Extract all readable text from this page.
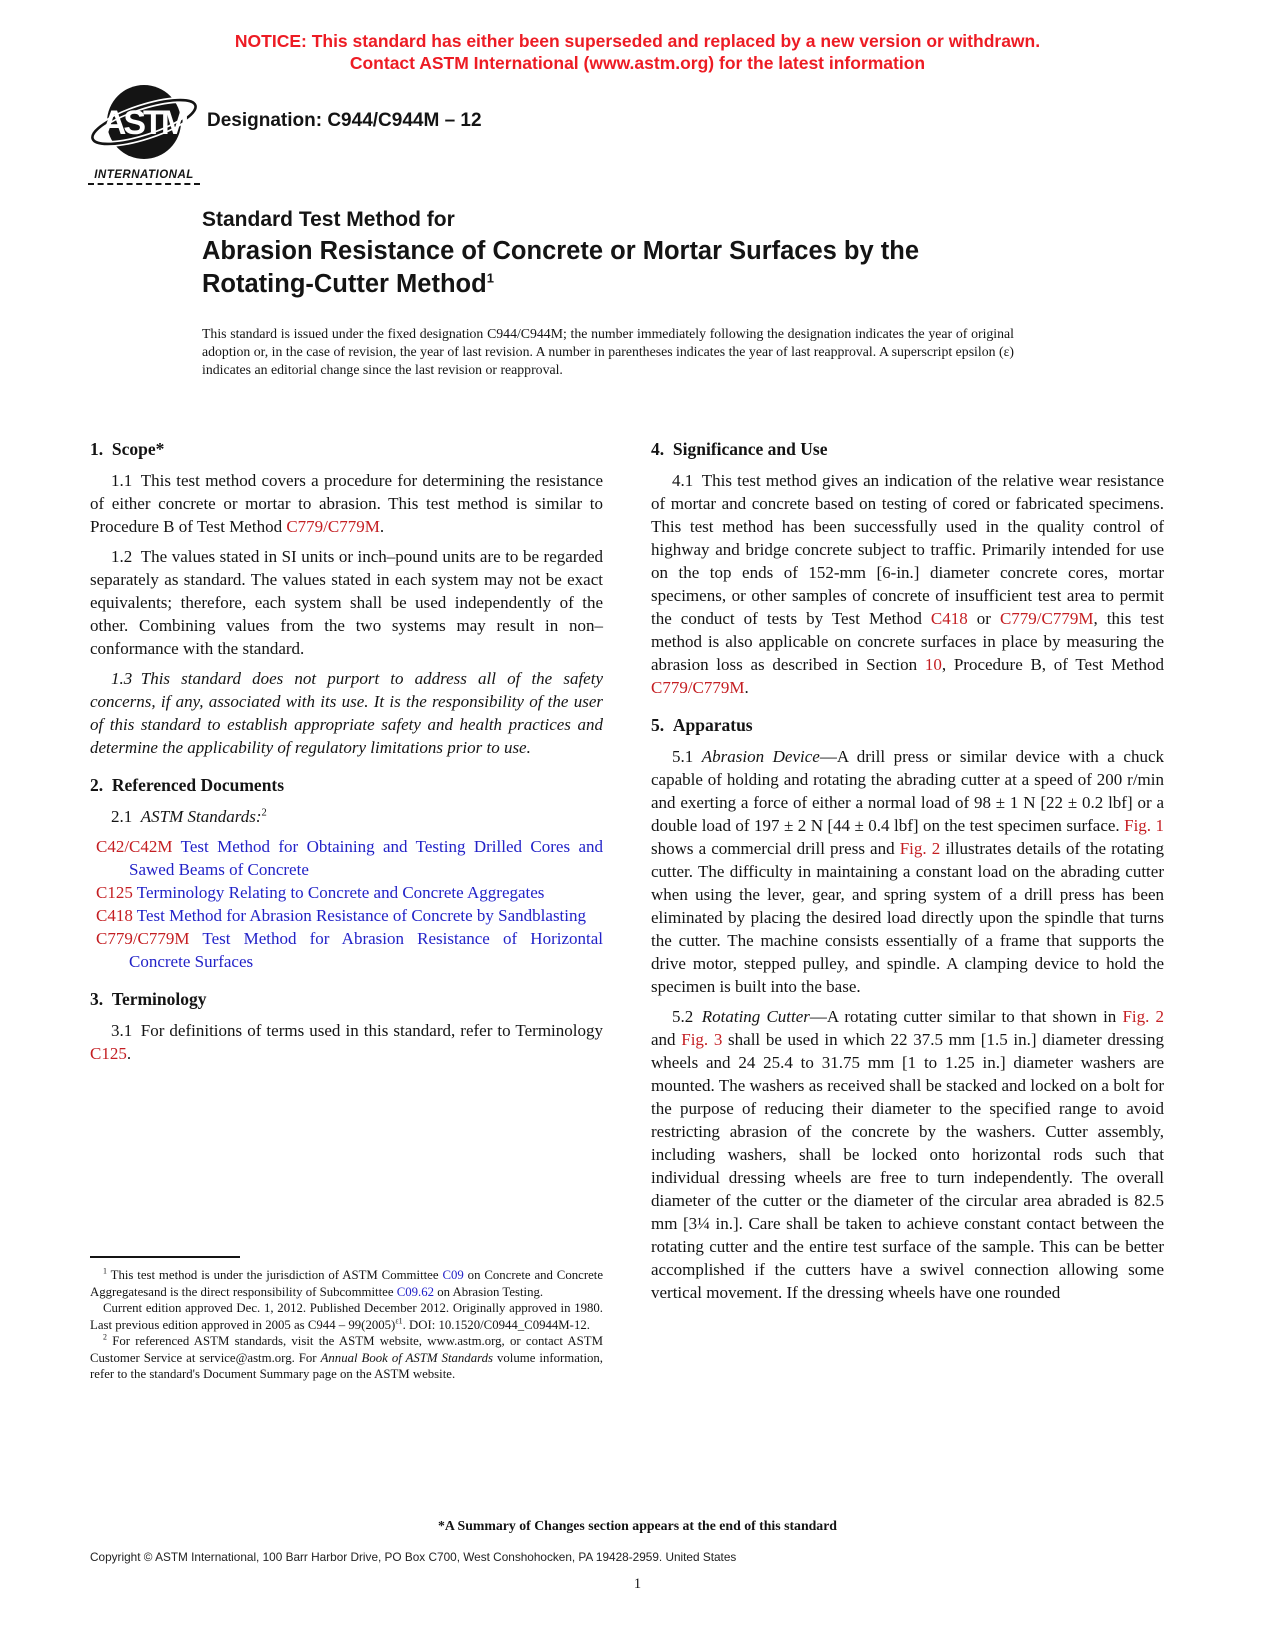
NOTICE: This standard has either been superseded and replaced by a new version or withdrawn.
Contact ASTM International (www.astm.org) for the latest information
ASTM
INTERNATIONAL
Designation: C944/C944M – 12
Standard Test Method for
Abrasion Resistance of Concrete or Mortar Surfaces by the
Rotating-Cutter Method$^1$
This standard is issued under the fixed designation C944/C944M; the number immediately following the designation indicates the year of original adoption or, in the case of revision, the year of last revision. A number in parentheses indicates the year of last reapproval. A superscript epsilon (ε) indicates an editorial change since the last revision or reapproval.
1. Scope*

1.1 This test method covers a procedure for determining the resistance of either concrete or mortar to abrasion. This test method is similar to Procedure B of Test Method C779/C779M.

1.2 The values stated in SI units or inch–pound units are to be regarded separately as standard. The values stated in each system may not be exact equivalents; therefore, each system shall be used independently of the other. Combining values from the two systems may result in non–conformance with the standard.

1.3 This standard does not purport to address all of the safety concerns, if any, associated with its use. It is the responsibility of the user of this standard to establish appropriate safety and health practices and determine the applicability of regulatory limitations prior to use.

2. Referenced Documents

2.1 ASTM Standards:$^2$

C42/C42M Test Method for Obtaining and Testing Drilled Cores and Sawed Beams of Concrete

C125 Terminology Relating to Concrete and Concrete Aggregates

C418 Test Method for Abrasion Resistance of Concrete by Sandblasting

C779/C779M Test Method for Abrasion Resistance of Horizontal Concrete Surfaces

3. Terminology

3.1 For definitions of terms used in this standard, refer to Terminology C125.

4. Significance and Use

4.1 This test method gives an indication of the relative wear resistance of mortar and concrete based on testing of cored or fabricated specimens. This test method has been successfully used in the quality control of highway and bridge concrete subject to traffic. Primarily intended for use on the top ends of 152-mm [6-in.] diameter concrete cores, mortar specimens, or other samples of concrete of insufficient test area to permit the conduct of tests by Test Method C418 or C779/C779M, this test method is also applicable on concrete surfaces in place by measuring the abrasion loss as described in Section 10, Procedure B, of Test Method C779/C779M.

5. Apparatus

5.1 Abrasion Device—A drill press or similar device with a chuck capable of holding and rotating the abrading cutter at a speed of 200 r/min and exerting a force of either a normal load of 98 ± 1 N [22 ± 0.2 lbf] or a double load of 197 ± 2 N [44 ± 0.4 lbf] on the test specimen surface. Fig. 1 shows a commercial drill press and Fig. 2 illustrates details of the rotating cutter. The difficulty in maintaining a constant load on the abrading cutter when using the lever, gear, and spring system of a drill press has been eliminated by placing the desired load directly upon the spindle that turns the cutter. The machine consists essentially of a frame that supports the drive motor, stepped pulley, and spindle. A clamping device to hold the specimen is built into the base.

5.2 Rotating Cutter—A rotating cutter similar to that shown in Fig. 2 and Fig. 3 shall be used in which 22 37.5 mm [1.5 in.] diameter dressing wheels and 24 25.4 to 31.75 mm [1 to 1.25 in.] diameter washers are mounted. The washers as received shall be stacked and locked on a bolt for the purpose of reducing their diameter to the specified range to avoid restricting abrasion of the concrete by the washers. Cutter assembly, including washers, shall be locked onto horizontal rods such that individual dressing wheels are free to turn independently. The overall diameter of the cutter or the diameter of the circular area abraded is 82.5 mm [3¼ in.]. Care shall be taken to achieve constant contact between the rotating cutter and the entire test surface of the sample. This can be better accomplished if the cutters have a swivel connection allowing some vertical movement. If the dressing wheels have one rounded

$^1$ This test method is under the jurisdiction of ASTM Committee C09 on Concrete and Concrete Aggregatesand is the direct responsibility of Subcommittee C09.62 on Abrasion Testing.

Current edition approved Dec. 1, 2012. Published December 2012. Originally approved in 1980. Last previous edition approved in 2005 as $C944 - 99(2005)^{\varepsilon 1}$. DOI: 10.1520/C0944_C0944M-12.

$^2$ For referenced ASTM standards, visit the ASTM website, www.astm.org, or contact ASTM Customer Service at service@astm.org. For Annual Book of ASTM Standards volume information, refer to the standard's Document Summary page on the ASTM website.

*A Summary of Changes section appears at the end of this standard
Copyright © ASTM International, 100 Barr Harbor Drive, PO Box C700, West Conshohocken, PA 19428-2959. United States
1
